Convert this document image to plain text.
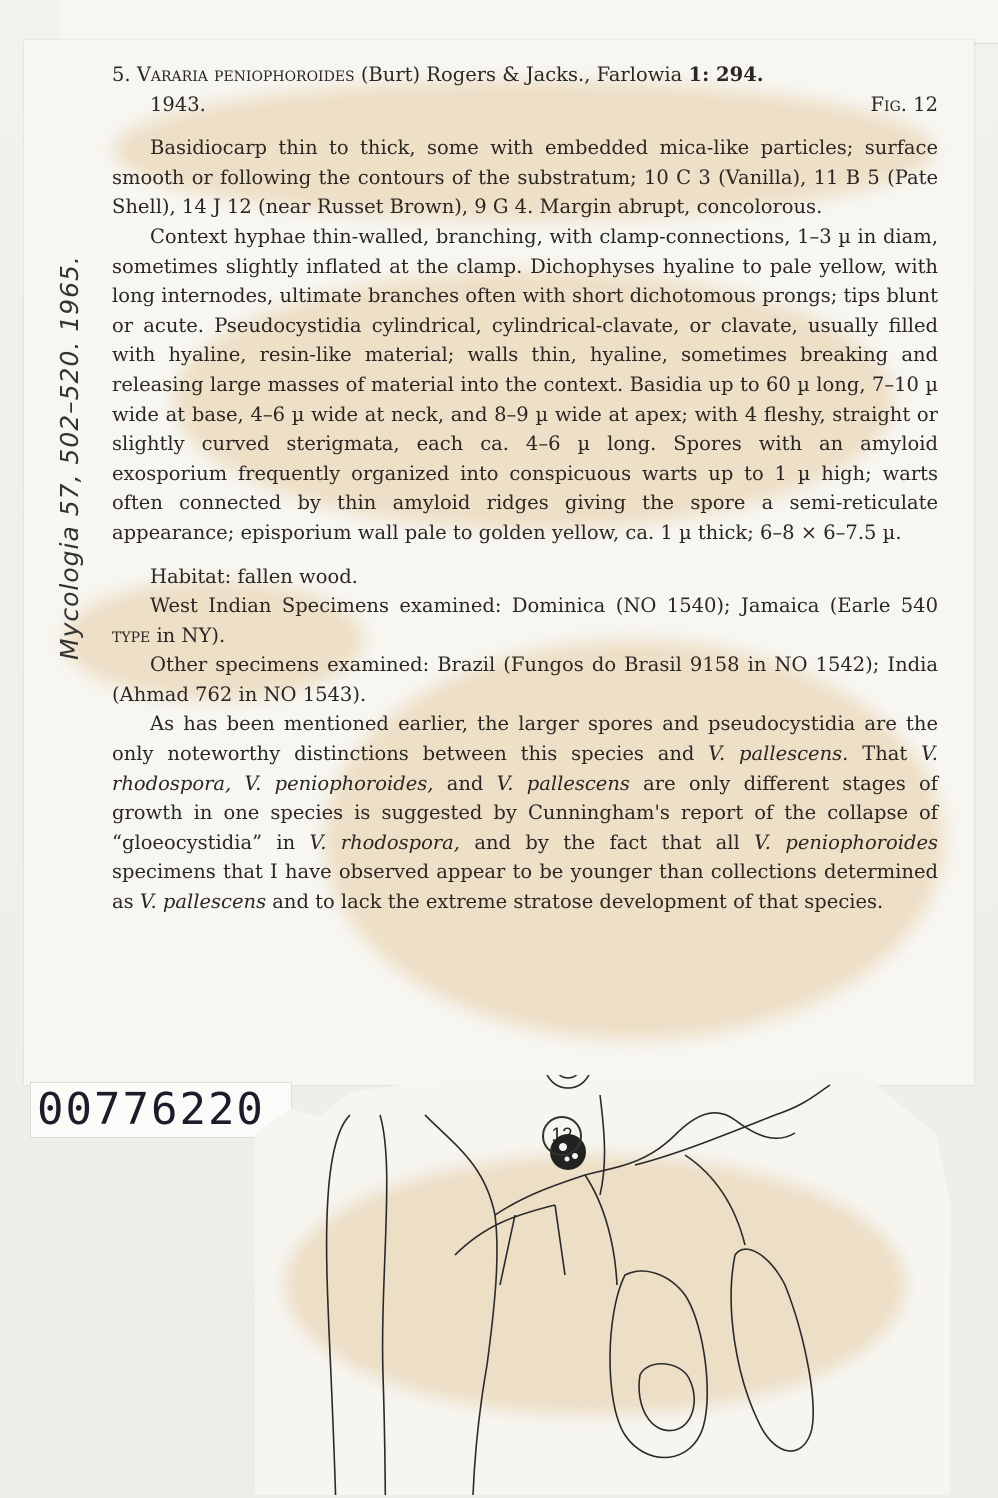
5. Vararia peniophoroides (Burt) Rogers & Jacks., Farlowia 1: 294.
1943.	Fig. 12

Basidiocarp thin to thick, some with embedded mica-like particles; surface smooth or following the contours of the substratum; 10 C 3 (Vanilla), 11 B 5 (Pate Shell), 14 J 12 (near Russet Brown), 9 G 4. Margin abrupt, concolorous.

Context hyphae thin-walled, branching, with clamp-connections, 1–3 µ in diam, sometimes slightly inflated at the clamp. Dichophyses hyaline to pale yellow, with long internodes, ultimate branches often with short dichotomous prongs; tips blunt or acute. Pseudocystidia cylindrical, cylindrical-clavate, or clavate, usually filled with hyaline, resin-like material; walls thin, hyaline, sometimes breaking and releasing large masses of material into the context. Basidia up to 60 µ long, 7–10 µ wide at base, 4–6 µ wide at neck, and 8–9 µ wide at apex; with 4 fleshy, straight or slightly curved sterigmata, each ca. 4–6 µ long. Spores with an amyloid exosporium frequently organized into conspicuous warts up to 1 µ high; warts often connected by thin amyloid ridges giving the spore a semi-reticulate appearance; episporium wall pale to golden yellow, ca. 1 µ thick; 6–8 × 6–7.5 µ.

Habitat: fallen wood.

West Indian Specimens examined: Dominica (NO 1540); Jamaica (Earle 540 type in NY).

Other specimens examined: Brazil (Fungos do Brasil 9158 in NO 1542); India (Ahmad 762 in NO 1543).

As has been mentioned earlier, the larger spores and pseudocystidia are the only noteworthy distinctions between this species and V. pallescens. That V. rhodospora, V. peniophoroides, and V. pallescens are only different stages of growth in one species is suggested by Cunningham's report of the collapse of “gloeocystidia” in V. rhodospora, and by the fact that all V. peniophoroides specimens that I have observed appear to be younger than collections determined as V. pallescens and to lack the extreme stratose development of that species.

Mycologia 57, 502–520. 1965.
00776220
12
